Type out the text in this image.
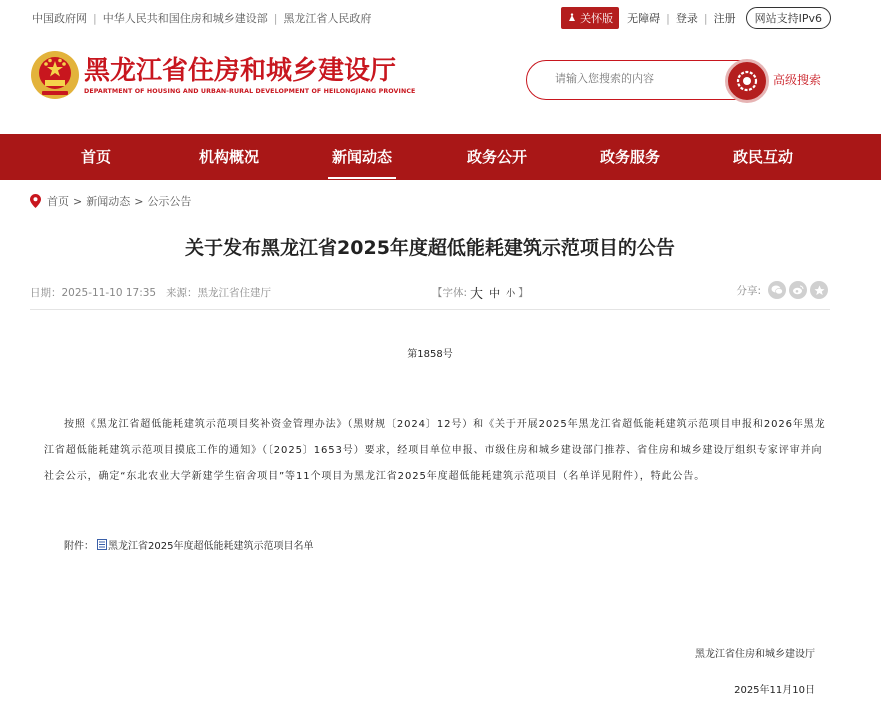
中国政府网 | 中华人民共和国住房和城乡建设部 | 黑龙江省人民政府	关怀版 无障碍 | 登录 | 注册	网站支持IPv6
黑龙江省住房和城乡建设厅
DEPARTMENT OF HOUSING AND URBAN-RURAL DEVELOPMENT OF HEILONGJIANG PROVINCE
请输入您搜索的内容
高级搜索
首页	机构概况	新闻动态	政务公开	政务服务	政民互动
首页 > 新闻动态 > 公示公告
关于发布黑龙江省2025年度超低能耗建筑示范项目的公告
日期：2025-11-10 17:35 来源：黑龙江省住建厅	【字体: 大 中 小 】	分享:
第1858号

按照《黑龙江省超低能耗建筑示范项目奖补资金管理办法》（黑财规〔2024〕12号）和《关于开展2025年黑龙江省超低能耗建筑示范项目申报和2026年黑龙江省超低能耗建筑示范项目摸底工作的通知》（〔2025〕1653号）要求，经项目单位申报、市级住房和城乡建设部门推荐、省住房和城乡建设厅组织专家评审并向社会公示，确定“东北农业大学新建学生宿舍项目”等11个项目为黑龙江省2025年度超低能耗建筑示范项目（名单详见附件），特此公告。

附件： 黑龙江省2025年度超低能耗建筑示范项目名单
黑龙江省住房和城乡建设厅
2025年11月10日
